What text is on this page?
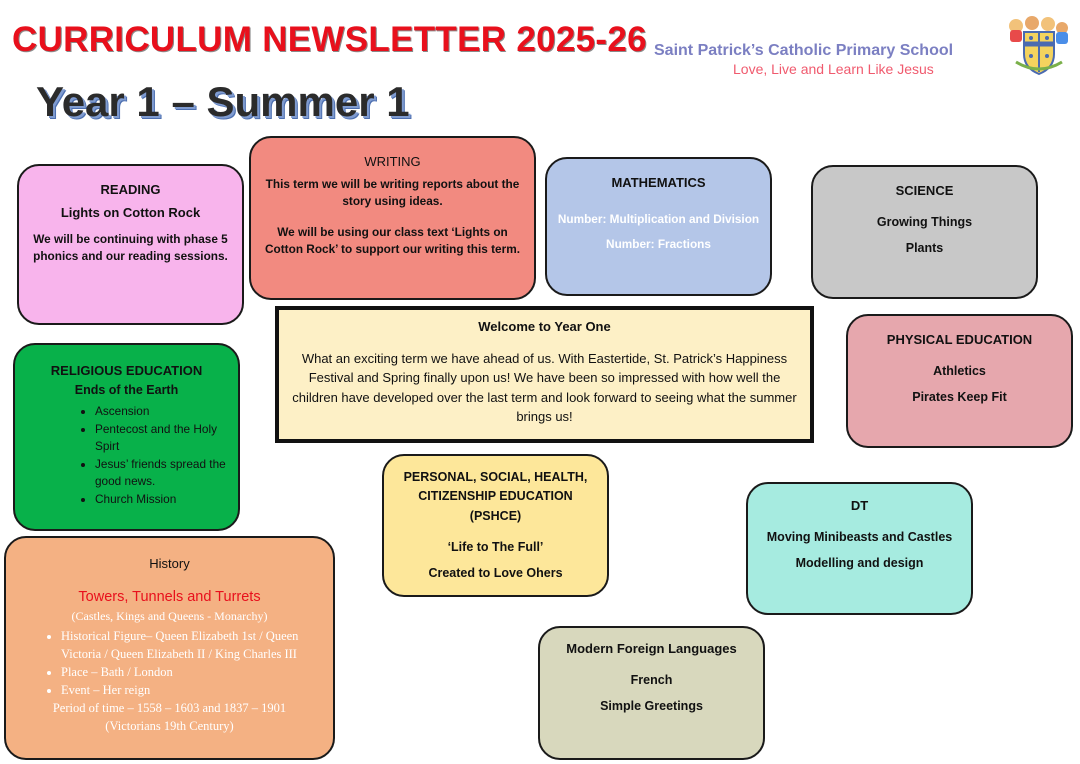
CURRICULUM NEWSLETTER 2025-26
Year 1 – Summer 1
Saint Patrick’s Catholic Primary School
Love, Live and Learn Like Jesus

READING

Lights on Cotton Rock

We will be continuing with phase 5 phonics and our reading sessions.

WRITING

This term we will be writing reports about the story using ideas.

We will be using our class text ‘Lights on Cotton Rock’ to support our writing this term.

MATHEMATICS

Number: Multiplication and Division

Number: Fractions

SCIENCE

Growing Things

Plants

Welcome to Year One

What an exciting term we have ahead of us. With Eastertide, St. Patrick’s Happiness Festival and Spring finally upon us! We have been so impressed with how well the children have developed over the last term and look forward to seeing what the summer brings us!

PHYSICAL EDUCATION

Athletics

Pirates Keep Fit

RELIGIOUS EDUCATION

Ends of the Earth

• Ascension
• Pentecost and the Holy Spirt
• Jesus’ friends spread the good news.
• Church Mission

History

Towers, Tunnels and Turrets

(Castles, Kings and Queens - Monarchy)

• Historical Figure– Queen Elizabeth 1st / Queen Victoria / Queen Elizabeth II / King Charles III
• Place – Bath / London
• Event – Her reign

Period of time – 1558 – 1603 and 1837 – 1901

(Victorians 19th Century)

PERSONAL, SOCIAL, HEALTH, CITIZENSHIP EDUCATION (PSHCE)

‘Life to The Full’

Created to Love Ohers

DT

Moving Minibeasts and Castles

Modelling and design

Modern Foreign Languages

French

Simple Greetings
